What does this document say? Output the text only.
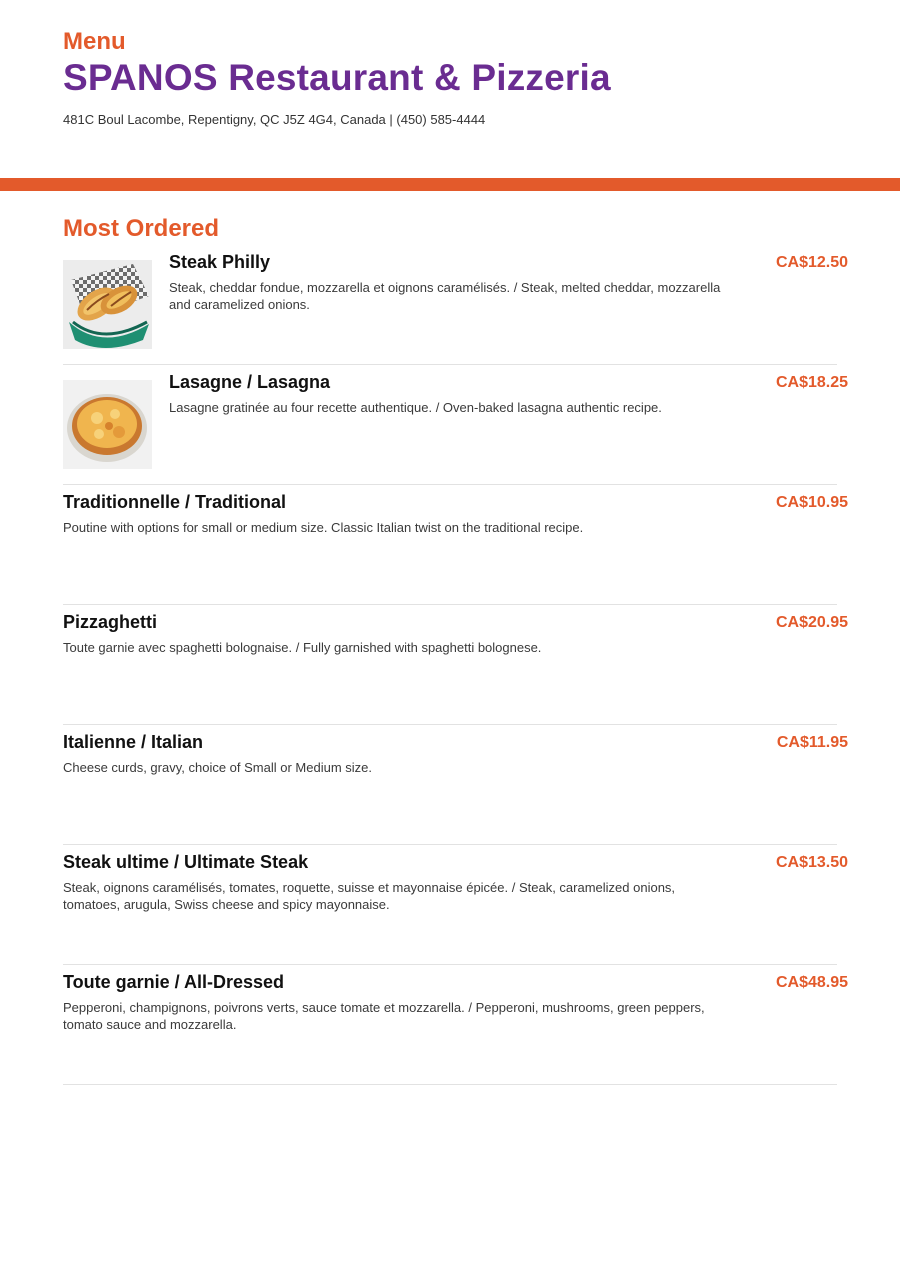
Menu
SPANOS Restaurant & Pizzeria
481C Boul Lacombe, Repentigny, QC J5Z 4G4, Canada | (450) 585-4444
Most Ordered
Steak Philly
Steak, cheddar fondue, mozzarella et oignons caramélisés. / Steak, melted cheddar, mozzarella and caramelized onions.
CA$12.50
Lasagne / Lasagna
Lasagne gratinée au four recette authentique. / Oven-baked lasagna authentic recipe.
CA$18.25
Traditionnelle / Traditional
Poutine with options for small or medium size. Classic Italian twist on the traditional recipe.
CA$10.95
Pizzaghetti
Toute garnie avec spaghetti bolognaise. / Fully garnished with spaghetti bolognese.
CA$20.95
Italienne / Italian
Cheese curds, gravy, choice of Small or Medium size.
CA$11.95
Steak ultime / Ultimate Steak
Steak, oignons caramélisés, tomates, roquette, suisse et mayonnaise épicée. / Steak, caramelized onions, tomatoes, arugula, Swiss cheese and spicy mayonnaise.
CA$13.50
Toute garnie / All-Dressed
Pepperoni, champignons, poivrons verts, sauce tomate et mozzarella. / Pepperoni, mushrooms, green peppers, tomato sauce and mozzarella.
CA$48.95
